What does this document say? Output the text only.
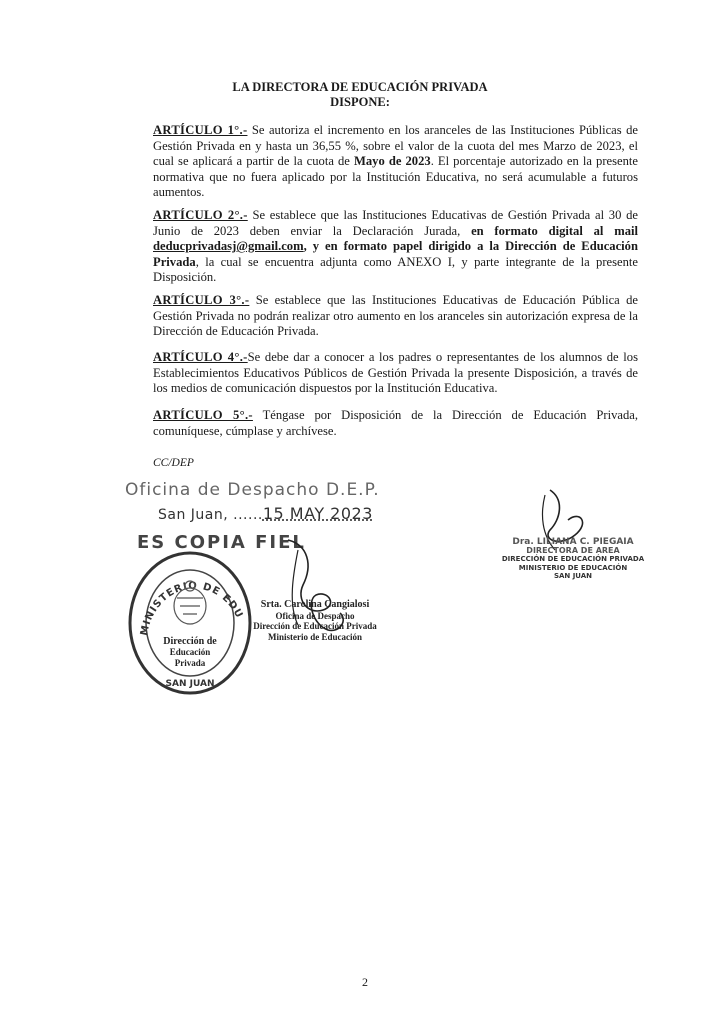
LA DIRECTORA DE EDUCACIÓN PRIVADA
DISPONE:
ARTÍCULO 1°.- Se autoriza el incremento en los aranceles de las Instituciones Públicas de Gestión Privada en y hasta un 36,55 %, sobre el valor de la cuota del mes Marzo de 2023, el cual se aplicará a partir de la cuota de Mayo de 2023. El porcentaje autorizado en la presente normativa que no fuera aplicado por la Institución Educativa, no será acumulable a futuros aumentos.
ARTÍCULO 2°.- Se establece que las Instituciones Educativas de Gestión Privada al 30 de Junio de 2023 deben enviar la Declaración Jurada, en formato digital al mail deducprivadasj@gmail.com, y en formato papel dirigido a la Dirección de Educación Privada, la cual se encuentra adjunta como ANEXO I, y parte integrante de la presente Disposición.
ARTÍCULO 3°.- Se establece que las Instituciones Educativas de Educación Pública de Gestión Privada no podrán realizar otro aumento en los aranceles sin autorización expresa de la Dirección de Educación Privada.
ARTÍCULO 4°.-Se debe dar a conocer a los padres o representantes de los alumnos de los Establecimientos Educativos Públicos de Gestión Privada la presente Disposición, a través de los medios de comunicación dispuestos por la Institución Educativa.
ARTÍCULO 5°.- Téngase por Disposición de la Dirección de Educación Privada, comuníquese, cúmplase y archívese.
CC/DEP
Oficina de Despacho D.E.P.
San Juan, ......15 MAY 2023
ES COPIA FIEL
MINISTERIO DE EDUCACIÓN
Dirección de
Educación
Privada
SAN JUAN
Srta. Carolina Cangialosi
Oficina de Despacho
Dirección de Educación Privada
Ministerio de Educación
Dra. LILIANA C. PIEGAIA
DIRECTORA DE AREA
DIRECCIÓN DE EDUCACIÓN PRIVADA
MINISTERIO DE EDUCACIÓN
SAN JUAN
2
